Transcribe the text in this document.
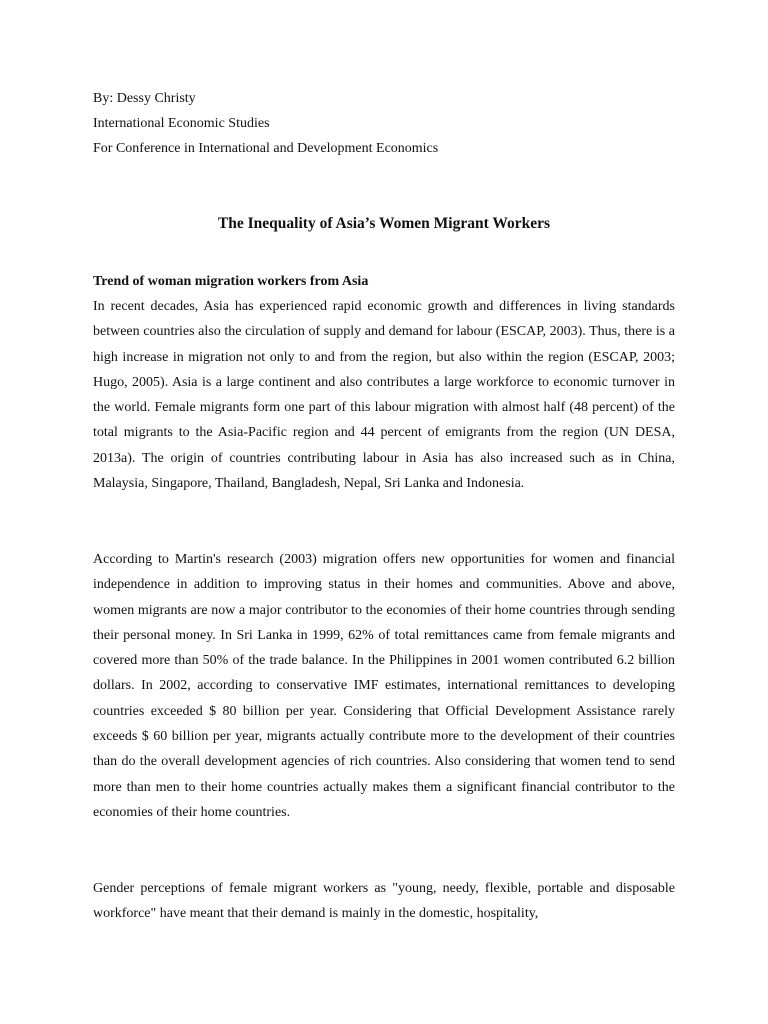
By: Dessy Christy
International Economic Studies
For Conference in International and Development Economics
The Inequality of Asia’s Women Migrant Workers
Trend of woman migration workers from Asia

In recent decades, Asia has experienced rapid economic growth and differences in living standards between countries also the circulation of supply and demand for labour (ESCAP, 2003). Thus, there is a high increase in migration not only to and from the region, but also within the region (ESCAP, 2003; Hugo, 2005). Asia is a large continent and also contributes a large workforce to economic turnover in the world. Female migrants form one part of this labour migration with almost half (48 percent) of the total migrants to the Asia-Pacific region and 44 percent of emigrants from the region (UN DESA, 2013a). The origin of countries contributing labour in Asia has also increased such as in China, Malaysia, Singapore, Thailand, Bangladesh, Nepal, Sri Lanka and Indonesia.

According to Martin's research (2003) migration offers new opportunities for women and financial independence in addition to improving status in their homes and communities. Above and above, women migrants are now a major contributor to the economies of their home countries through sending their personal money. In Sri Lanka in 1999, 62% of total remittances came from female migrants and covered more than 50% of the trade balance. In the Philippines in 2001 women contributed 6.2 billion dollars. In 2002, according to conservative IMF estimates, international remittances to developing countries exceeded $ 80 billion per year. Considering that Official Development Assistance rarely exceeds $ 60 billion per year, migrants actually contribute more to the development of their countries than do the overall development agencies of rich countries. Also considering that women tend to send more than men to their home countries actually makes them a significant financial contributor to the economies of their home countries.

Gender perceptions of female migrant workers as "young, needy, flexible, portable and disposable workforce" have meant that their demand is mainly in the domestic, hospitality,
